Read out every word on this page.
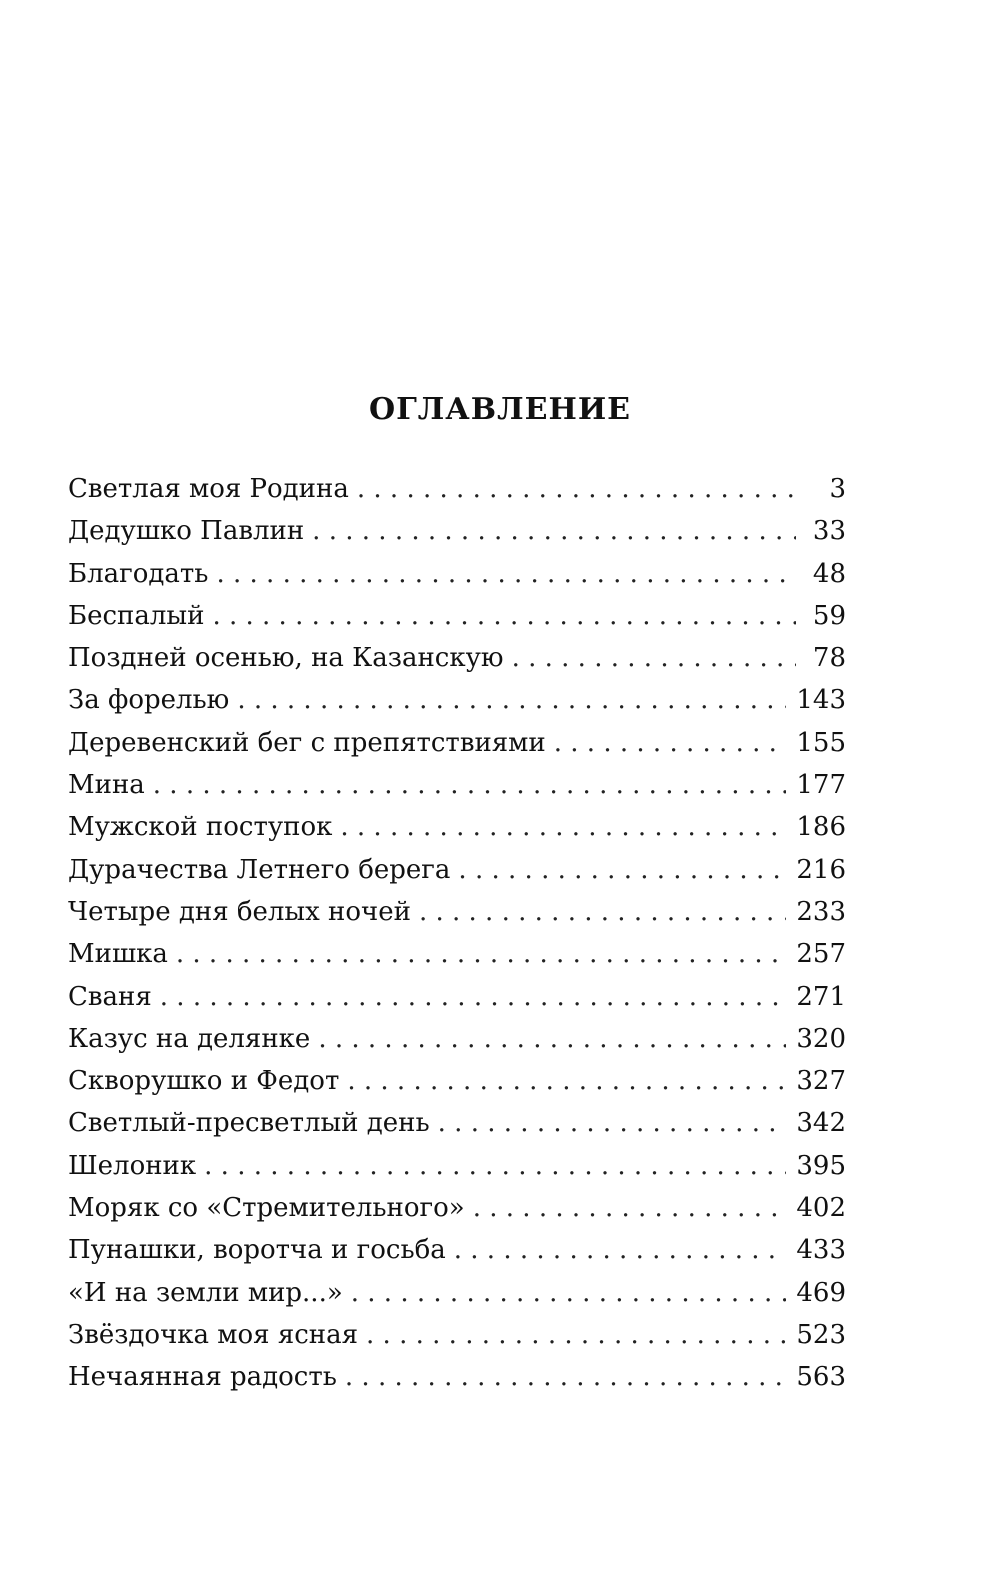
ОГЛАВЛЕНИЕ
Светлая моя Родина . . .	3
Дедушко Павлин . . .	33
Благодать . . .	48
Беспалый . . .	59
Поздней осенью, на Казанскую . . .	78
За форелью . . .	143
Деревенский бег с препятствиями . . .	155
Мина . . .	177
Мужской поступок . . .	186
Дурачества Летнего берега . . .	216
Четыре дня белых ночей . . .	233
Мишка . . .	257
Сваня . . .	271
Казус на делянке . . .	320
Скворушко и Федот . . .	327
Светлый-пресветлый день . . .	342
Шелоник . . .	395
Моряк со «Стремительного» . . .	402
Пунашки, воротча и госьба . . .	433
«И на земли мир...» . . .	469
Звёздочка моя ясная . . .	523
Нечаянная радость . . .	563
